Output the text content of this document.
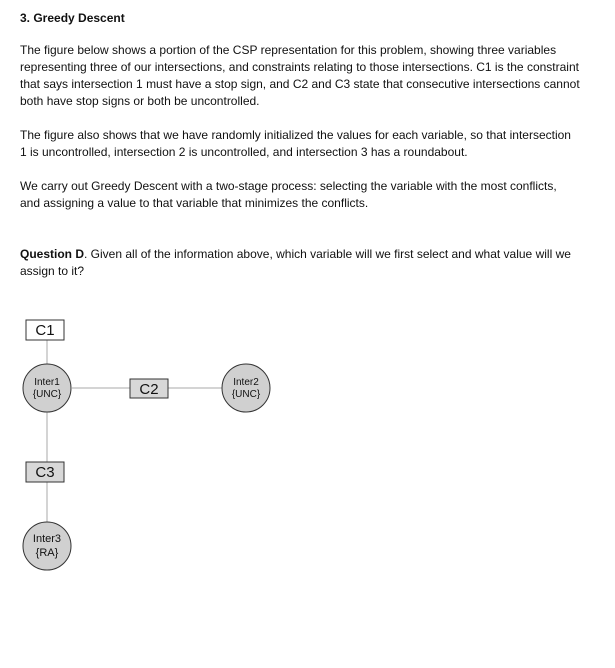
3. Greedy Descent

The figure below shows a portion of the CSP representation for this problem, showing three variables representing three of our intersections, and constraints relating to those intersections. C1 is the constraint that says intersection 1 must have a stop sign, and C2 and C3 state that consecutive intersections cannot both have stop signs or both be uncontrolled.

The figure also shows that we have randomly initialized the values for each variable, so that intersection 1 is uncontrolled, intersection 2 is uncontrolled, and intersection 3 has a roundabout.

We carry out Greedy Descent with a two-stage process: selecting the variable with the most conflicts, and assigning a value to that variable that minimizes the conflicts.

Question D. Given all of the information above, which variable will we first select and what value will we assign to it?

C1
C2
C3
Inter1
{UNC}
Inter2
{UNC}
Inter3
{RA}
